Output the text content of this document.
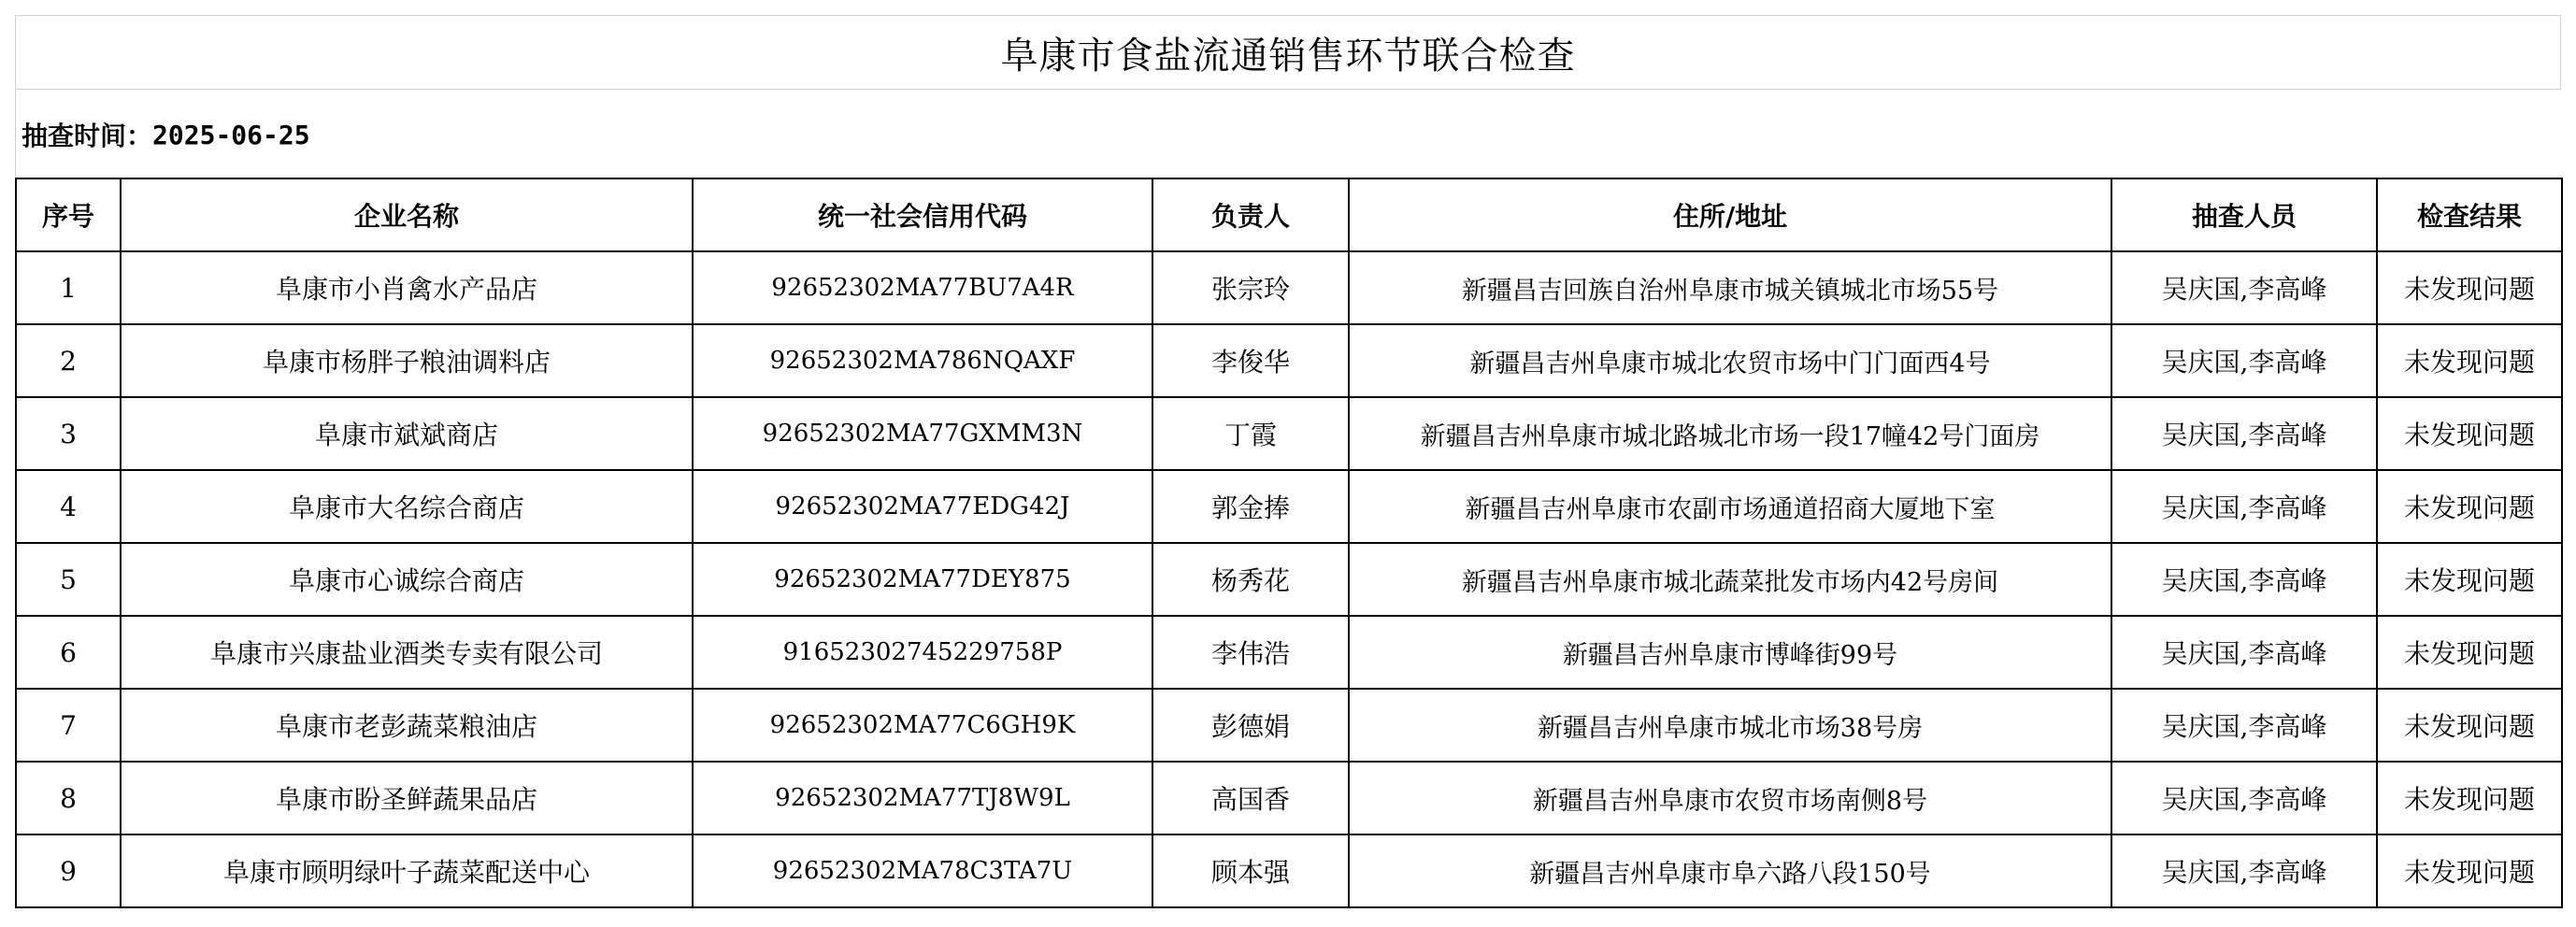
阜康市食盐流通销售环节联合检查
抽查时间： 2025-06-25
序号	企业名称	统一社会信用代码	负责人	住所/地址	抽查人员	检查结果
1	阜康市小肖禽水产品店	92652302MA77BU7A4R	张宗玲	新疆昌吉回族自治州阜康市城关镇城北市场55号	吴庆国,李高峰	未发现问题
2	阜康市杨胖子粮油调料店	92652302MA786NQAXF	李俊华	新疆昌吉州阜康市城北农贸市场中门门面西4号	吴庆国,李高峰	未发现问题
3	阜康市斌斌商店	92652302MA77GXMM3N	丁霞	新疆昌吉州阜康市城北路城北市场一段17幢42号门面房	吴庆国,李高峰	未发现问题
4	阜康市大名综合商店	92652302MA77EDG42J	郭金捧	新疆昌吉州阜康市农副市场通道招商大厦地下室	吴庆国,李高峰	未发现问题
5	阜康市心诚综合商店	92652302MA77DEY875	杨秀花	新疆昌吉州阜康市城北蔬菜批发市场内42号房间	吴庆国,李高峰	未发现问题
6	阜康市兴康盐业酒类专卖有限公司	91652302745229758P	李伟浩	新疆昌吉州阜康市博峰街99号	吴庆国,李高峰	未发现问题
7	阜康市老彭蔬菜粮油店	92652302MA77C6GH9K	彭德娟	新疆昌吉州阜康市城北市场38号房	吴庆国,李高峰	未发现问题
8	阜康市盼圣鲜蔬果品店	92652302MA77TJ8W9L	高国香	新疆昌吉州阜康市农贸市场南侧8号	吴庆国,李高峰	未发现问题
9	阜康市顾明绿叶子蔬菜配送中心	92652302MA78C3TA7U	顾本强	新疆昌吉州阜康市阜六路八段150号	吴庆国,李高峰	未发现问题
